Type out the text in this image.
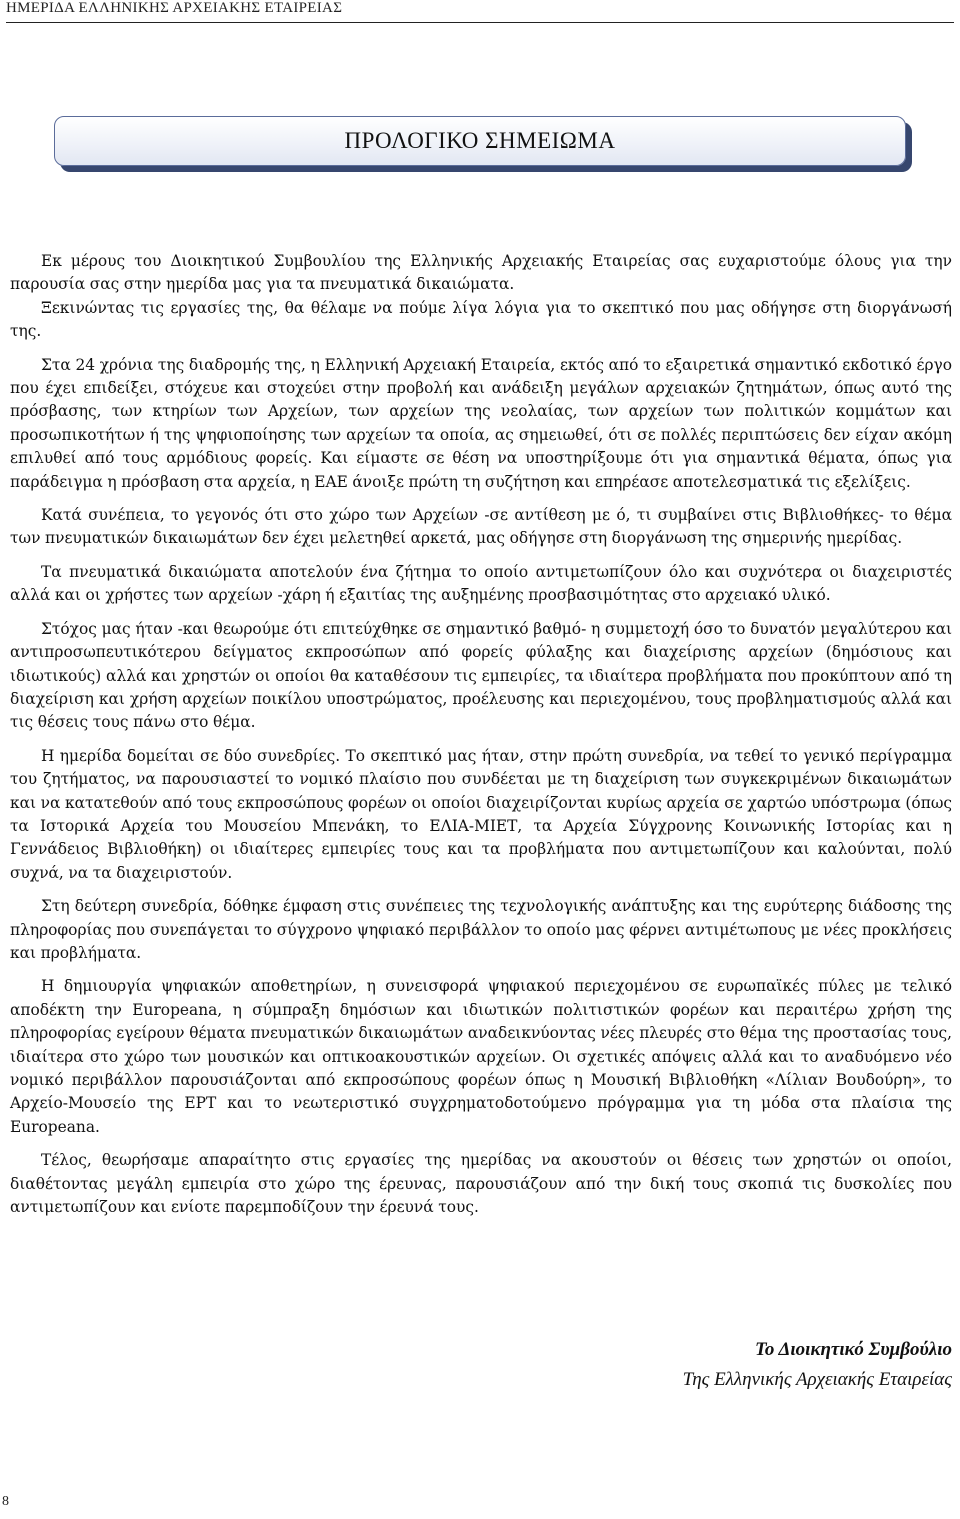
ΗΜΕΡΙΔΑ ΕΛΛΗΝΙΚΗΣ ΑΡΧΕΙΑΚΗΣ ΕΤΑΙΡΕΙΑΣ
ΠΡΟΛΟΓΙΚΟ ΣΗΜΕΙΩΜΑ

Εκ μέρους του Διοικητικού Συμβουλίου της Ελληνικής Αρχειακής Εταιρείας σας ευχαριστούμε όλους για την παρουσία σας στην ημερίδα μας για τα πνευματικά δικαιώματα.

Ξεκινώντας τις εργασίες της, θα θέλαμε να πούμε λίγα λόγια για το σκεπτικό που μας οδήγησε στη διοργάνωσή της.

Στα 24 χρόνια της διαδρομής της, η Ελληνική Αρχειακή Εταιρεία, εκτός από το εξαιρετικά σημαντικό εκδοτικό έργο που έχει επιδείξει, στόχευε και στοχεύει στην προβολή και ανάδειξη μεγάλων αρχειακών ζητημάτων, όπως αυτό της πρόσβασης, των κτηρίων των Αρχείων, των αρχείων της νεολαίας, των αρχείων των πολιτικών κομμάτων και προσωπικοτήτων ή της ψηφιοποίησης των αρχείων τα οποία, ας σημειωθεί, ότι σε πολλές περιπτώσεις δεν είχαν ακόμη επιλυθεί από τους αρμόδιους φορείς. Και είμαστε σε θέση να υποστηρίξουμε ότι για σημαντικά θέματα, όπως για παράδειγμα η πρόσβαση στα αρχεία, η ΕΑΕ άνοιξε πρώτη τη συζήτηση και επηρέασε αποτελεσματικά τις εξελίξεις.

Κατά συνέπεια, το γεγονός ότι στο χώρο των Αρχείων -σε αντίθεση με ό, τι συμβαίνει στις Βιβλιοθήκες- το θέμα των πνευματικών δικαιωμάτων δεν έχει μελετηθεί αρκετά, μας οδήγησε στη διοργάνωση της σημερινής ημερίδας.

Τα πνευματικά δικαιώματα αποτελούν ένα ζήτημα το οποίο αντιμετωπίζουν όλο και συχνότερα οι διαχειριστές αλλά και οι χρήστες των αρχείων -χάρη ή εξαιτίας της αυξημένης προσβασιμότητας στο αρχειακό υλικό.

Στόχος μας ήταν -και θεωρούμε ότι επιτεύχθηκε σε σημαντικό βαθμό- η συμμετοχή όσο το δυνατόν μεγαλύτερου και αντιπροσωπευτικότερου δείγματος εκπροσώπων από φορείς φύλαξης και διαχείρισης αρχείων (δημόσιους και ιδιωτικούς) αλλά και χρηστών οι οποίοι θα καταθέσουν τις εμπειρίες, τα ιδιαίτερα προβλήματα που προκύπτουν από τη διαχείριση και χρήση αρχείων ποικίλου υποστρώματος, προέλευσης και περιεχομένου, τους προβληματισμούς αλλά και τις θέσεις τους πάνω στο θέμα.

Η ημερίδα δομείται σε δύο συνεδρίες. Το σκεπτικό μας ήταν, στην πρώτη συνεδρία, να τεθεί το γενικό περίγραμμα του ζητήματος, να παρουσιαστεί το νομικό πλαίσιο που συνδέεται με τη διαχείριση των συγκεκριμένων δικαιωμάτων και να κατατεθούν από τους εκπροσώπους φορέων οι οποίοι διαχειρίζονται κυρίως αρχεία σε χαρτώο υπόστρωμα (όπως τα Ιστορικά Αρχεία του Μουσείου Μπενάκη, το ΕΛΙΑ-ΜΙΕΤ, τα Αρχεία Σύγχρονης Κοινωνικής Ιστορίας και η Γεννάδειος Βιβλιοθήκη) οι ιδιαίτερες εμπειρίες τους και τα προβλήματα που αντιμετωπίζουν και καλούνται, πολύ συχνά, να τα διαχειριστούν.

Στη δεύτερη συνεδρία, δόθηκε έμφαση στις συνέπειες της τεχνολογικής ανάπτυξης και της ευρύτερης διάδοσης της πληροφορίας που συνεπάγεται το σύγχρονο ψηφιακό περιβάλλον το οποίο μας φέρνει αντιμέτωπους με νέες προκλήσεις και προβλήματα.

Η δημιουργία ψηφιακών αποθετηρίων, η συνεισφορά ψηφιακού περιεχομένου σε ευρωπαϊκές πύλες με τελικό αποδέκτη την Europeana, η σύμπραξη δημόσιων και ιδιωτικών πολιτιστικών φορέων και περαιτέρω χρήση της πληροφορίας εγείρουν θέματα πνευματικών δικαιωμάτων αναδεικνύοντας νέες πλευρές στο θέμα της προστασίας τους, ιδιαίτερα στο χώρο των μουσικών και οπτικοακουστικών αρχείων. Οι σχετικές απόψεις αλλά και το αναδυόμενο νέο νομικό περιβάλλον παρουσιάζονται από εκπροσώπους φορέων όπως η Μουσική Βιβλιοθήκη «Λίλιαν Βουδούρη», το Αρχείο-Μουσείο της ΕΡΤ και το νεωτεριστικό συγχρηματοδοτούμενο πρόγραμμα για τη μόδα στα πλαίσια της Europeana.

Τέλος, θεωρήσαμε απαραίτητο στις εργασίες της ημερίδας να ακουστούν οι θέσεις των χρηστών οι οποίοι, διαθέτοντας μεγάλη εμπειρία στο χώρο της έρευνας, παρουσιάζουν από την δική τους σκοπιά τις δυσκολίες που αντιμετωπίζουν και ενίοτε παρεμποδίζουν την έρευνά τους.

Το Διοικητικό Συμβούλιο
Της Ελληνικής Αρχειακής Εταιρείας
8
